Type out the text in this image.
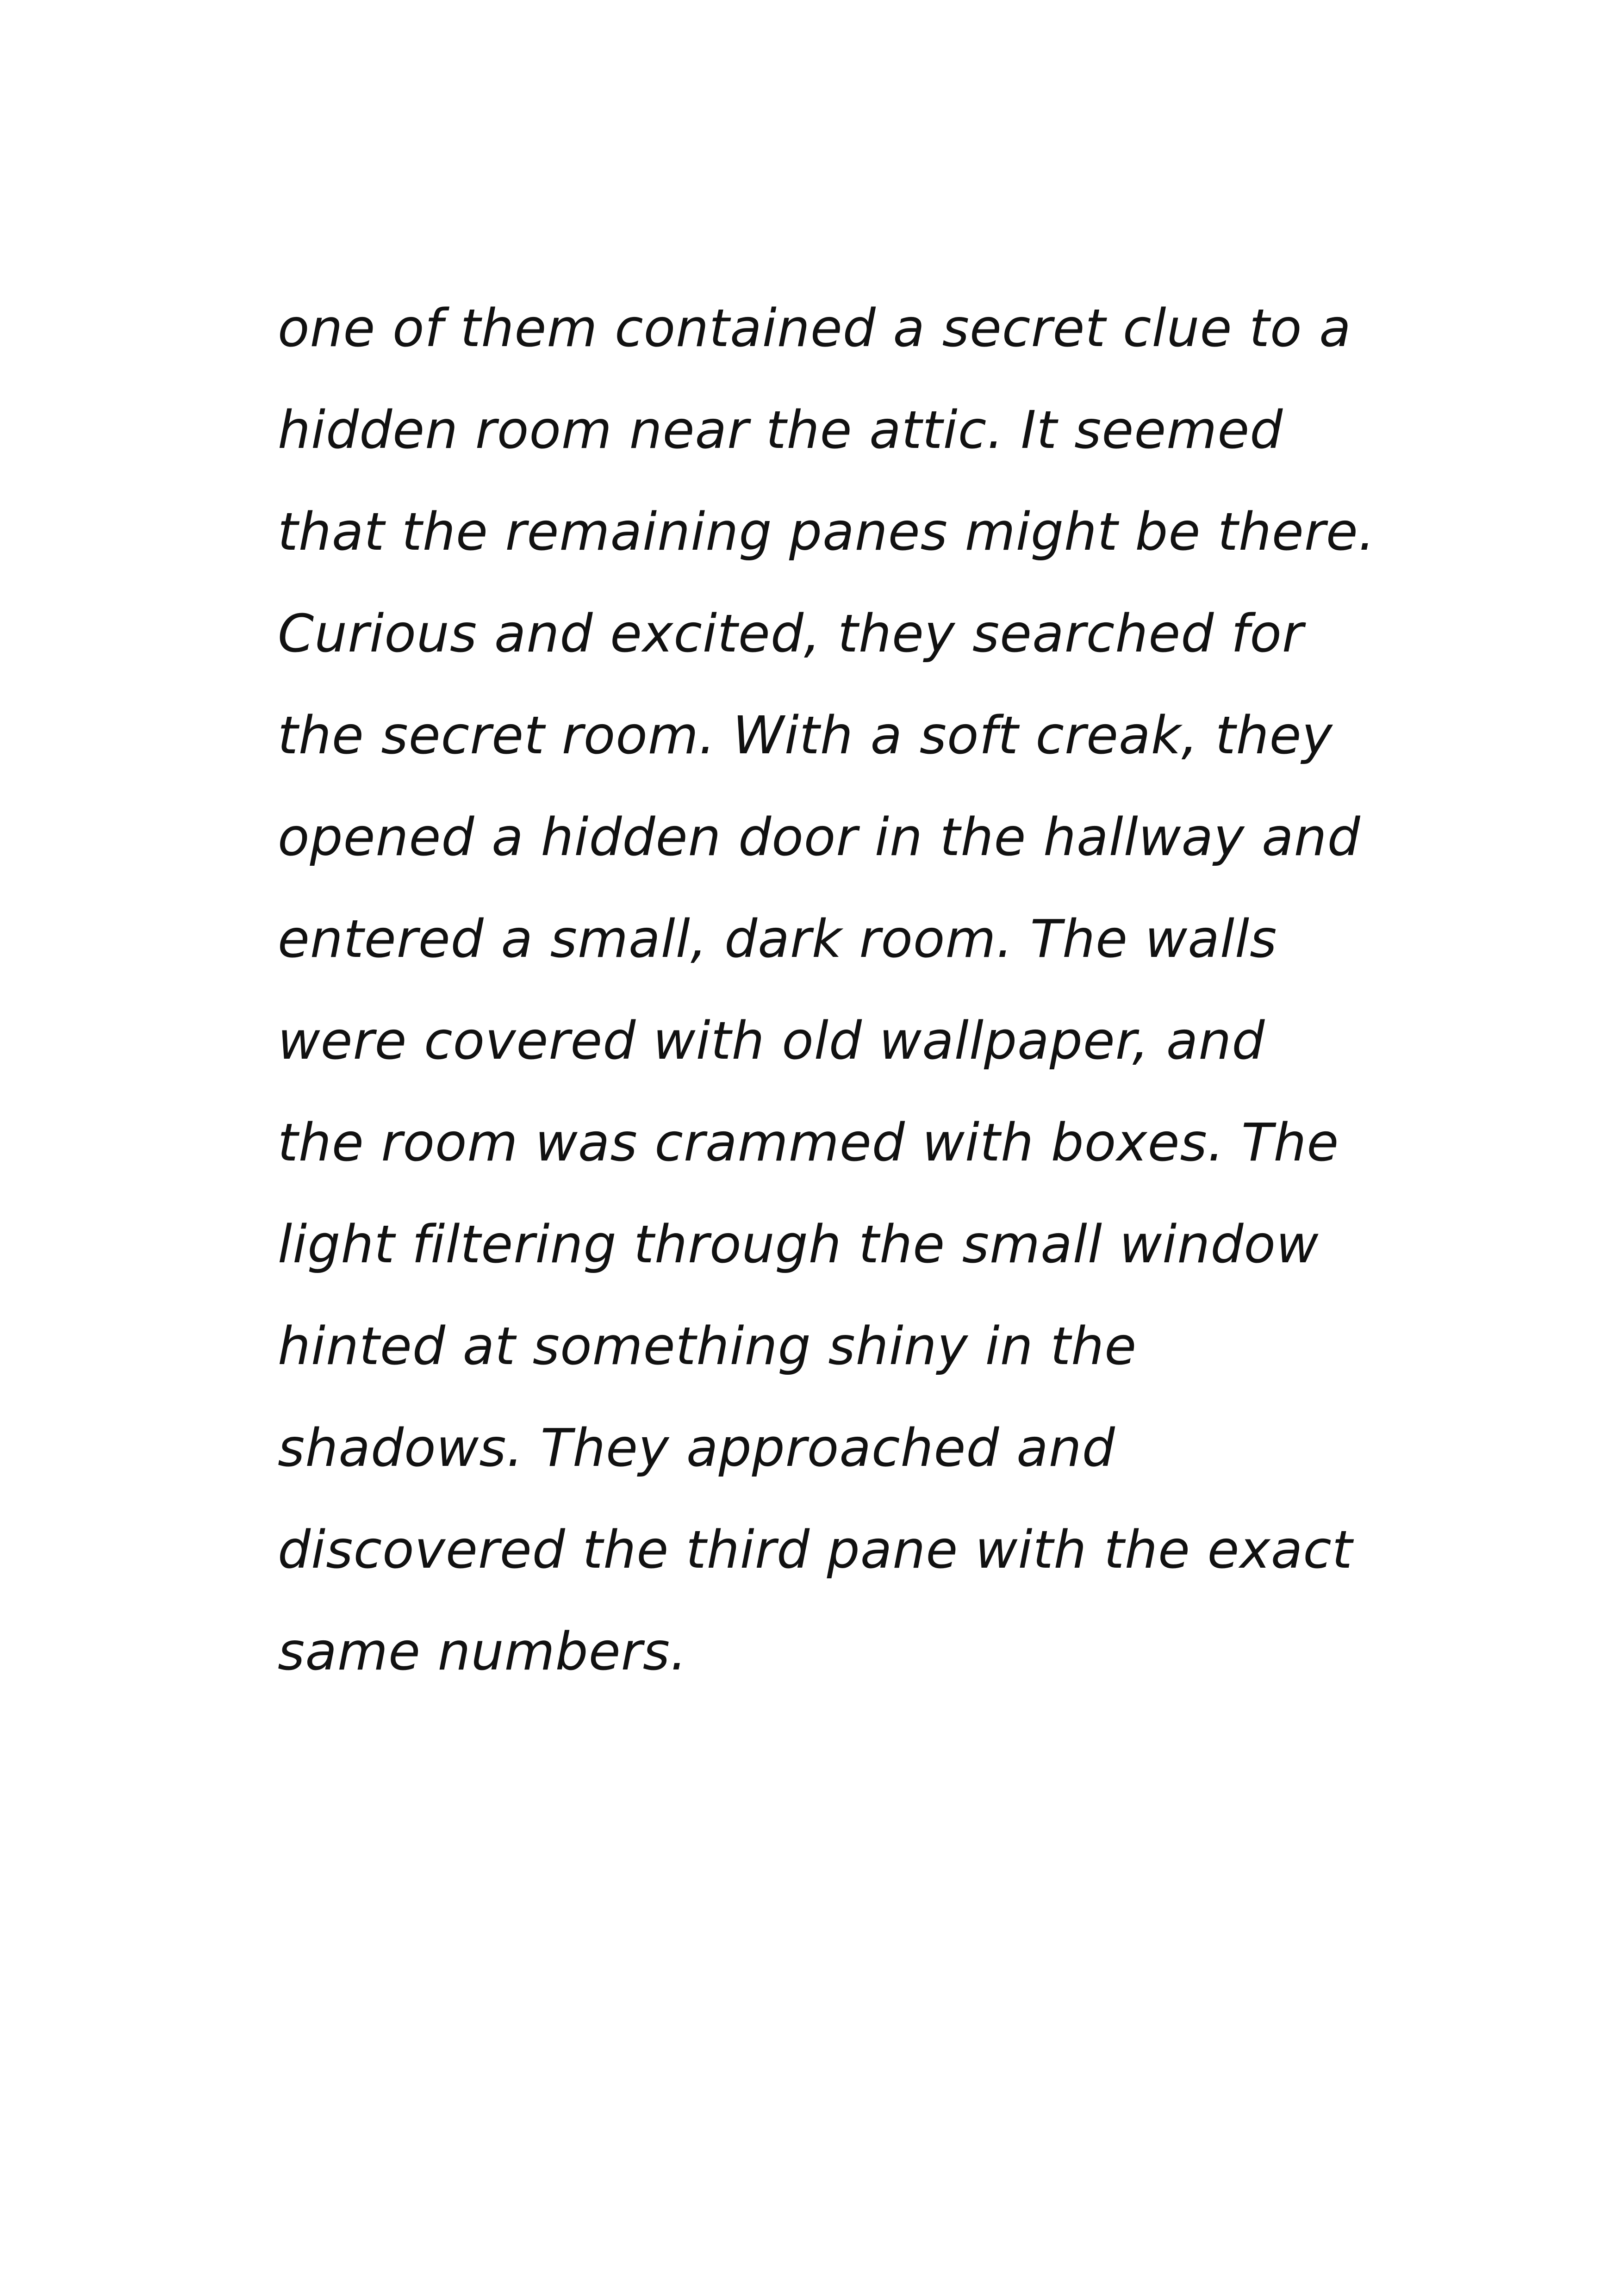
one of them contained a secret clue to a
hidden room near the attic. It seemed
that the remaining panes might be there.
Curious and excited, they searched for
the secret room. With a soft creak, they
opened a hidden door in the hallway and
entered a small, dark room. The walls
were covered with old wallpaper, and
the room was crammed with boxes. The
light filtering through the small window
hinted at something shiny in the
shadows. They approached and
discovered the third pane with the exact
same numbers.
